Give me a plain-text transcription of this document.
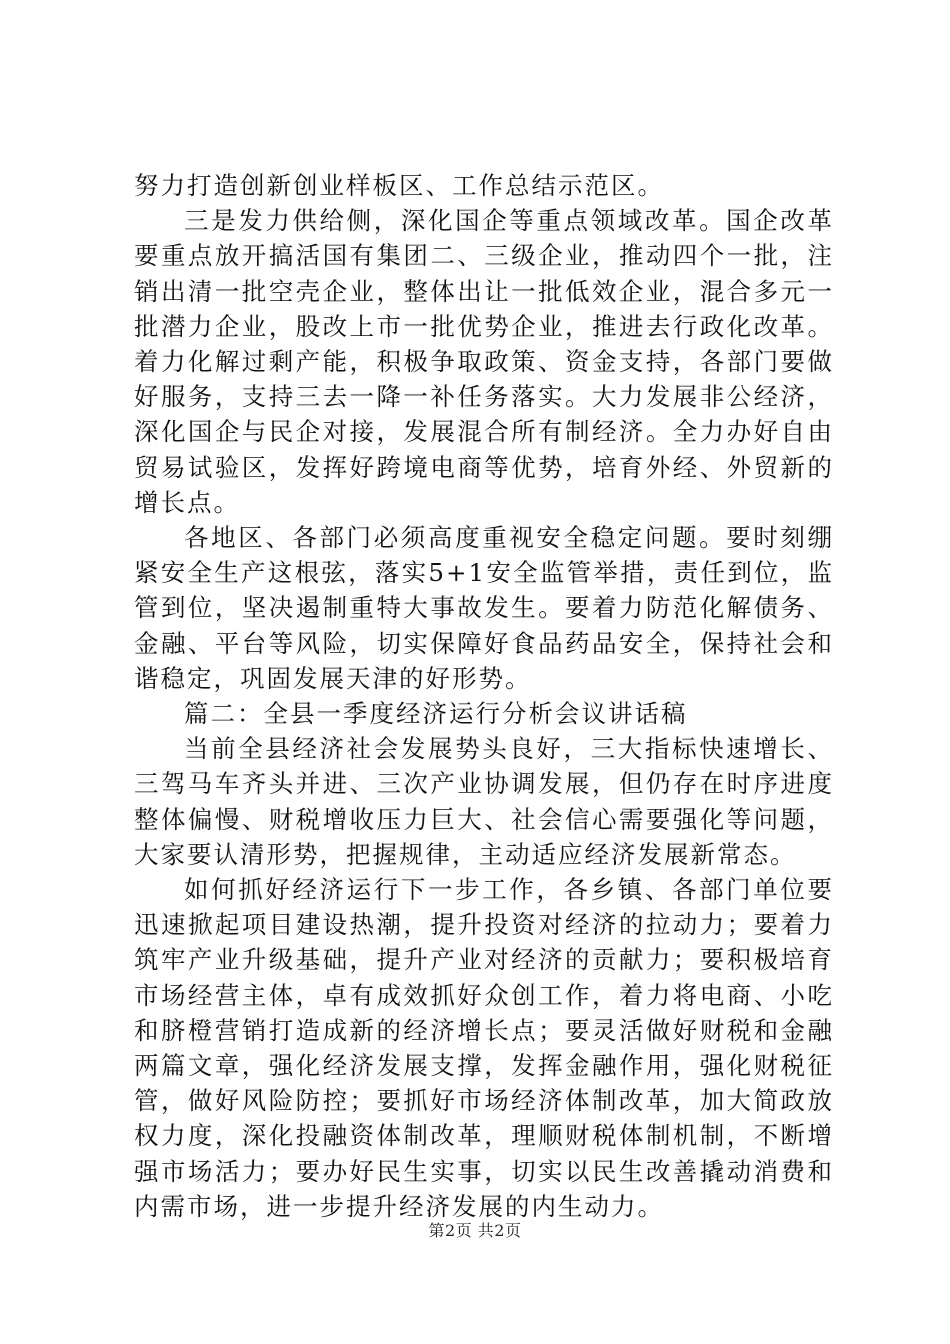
努力打造创新创业样板区、工作总结示范区。

三是发力供给侧，深化国企等重点领域改革。国企改革要重点放开搞活国有集团二、三级企业，推动四个一批，注销出清一批空壳企业，整体出让一批低效企业，混合多元一批潜力企业，股改上市一批优势企业，推进去行政化改革。着力化解过剩产能，积极争取政策、资金支持，各部门要做好服务，支持三去一降一补任务落实。大力发展非公经济，深化国企与民企对接，发展混合所有制经济。全力办好自由贸易试验区，发挥好跨境电商等优势，培育外经、外贸新的增长点。

各地区、各部门必须高度重视安全稳定问题。要时刻绷紧安全生产这根弦，落实5+1安全监管举措，责任到位，监管到位，坚决遏制重特大事故发生。要着力防范化解债务、金融、平台等风险，切实保障好食品药品安全，保持社会和谐稳定，巩固发展天津的好形势。

篇二：全县一季度经济运行分析会议讲话稿

当前全县经济社会发展势头良好，三大指标快速增长、三驾马车齐头并进、三次产业协调发展，但仍存在时序进度整体偏慢、财税增收压力巨大、社会信心需要强化等问题，大家要认清形势，把握规律，主动适应经济发展新常态。

如何抓好经济运行下一步工作，各乡镇、各部门单位要迅速掀起项目建设热潮，提升投资对经济的拉动力；要着力筑牢产业升级基础，提升产业对经济的贡献力；要积极培育市场经营主体，卓有成效抓好众创工作，着力将电商、小吃和脐橙营销打造成新的经济增长点；要灵活做好财税和金融两篇文章，强化经济发展支撑，发挥金融作用，强化财税征管，做好风险防控；要抓好市场经济体制改革，加大简政放权力度，深化投融资体制改革，理顺财税体制机制，不断增强市场活力；要办好民生实事，切实以民生改善撬动消费和内需市场，进一步提升经济发展的内生动力。

第2页 共2页
